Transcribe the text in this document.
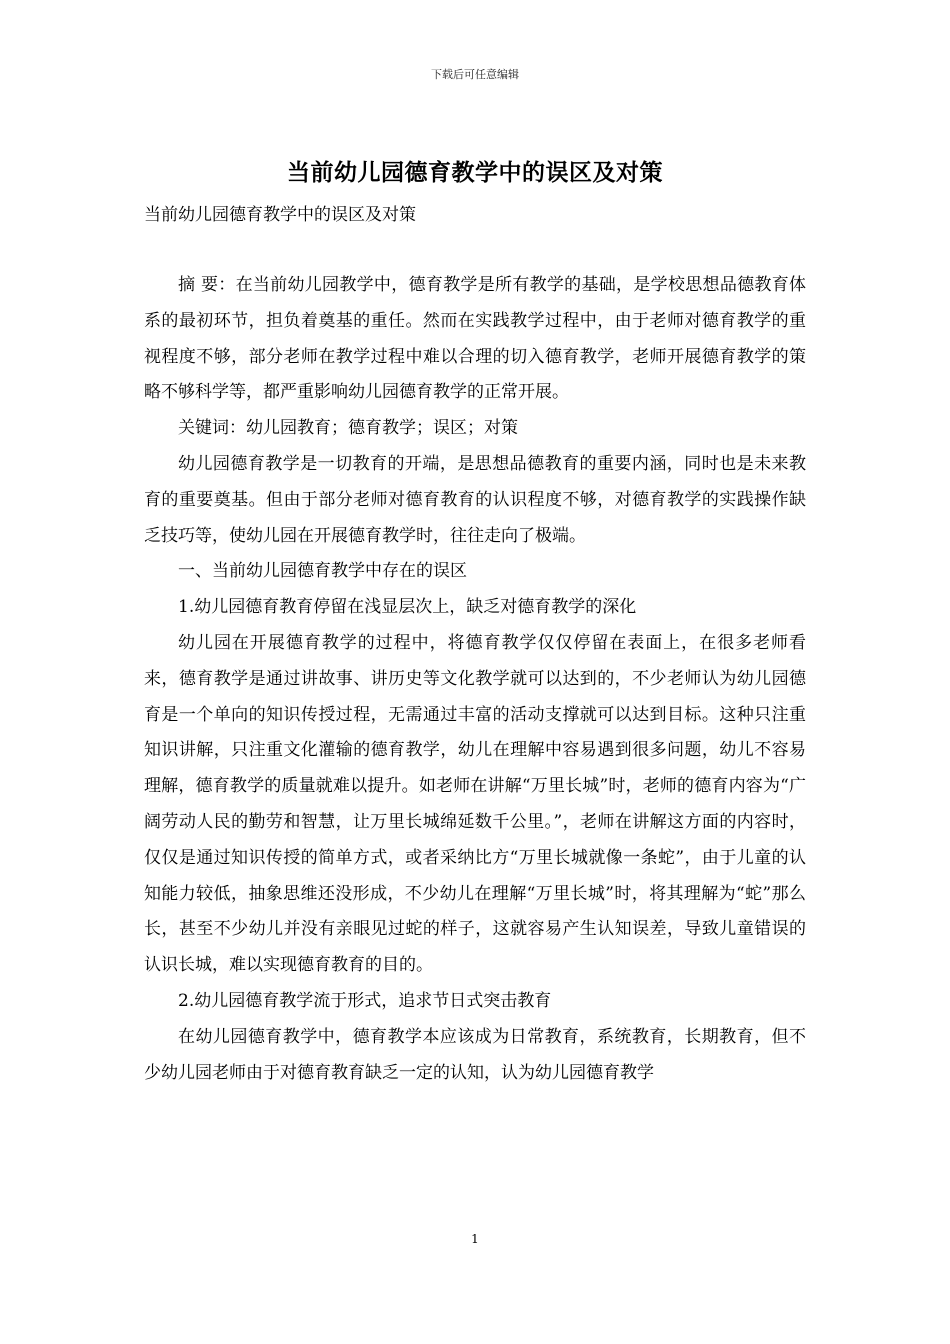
下载后可任意编辑
当前幼儿园德育教学中的误区及对策
当前幼儿园德育教学中的误区及对策

摘 要：在当前幼儿园教学中，德育教学是所有教学的基础，是学校思想品德教育体系的最初环节，担负着奠基的重任。然而在实践教学过程中，由于老师对德育教学的重视程度不够，部分老师在教学过程中难以合理的切入德育教学，老师开展德育教学的策略不够科学等，都严重影响幼儿园德育教学的正常开展。

关键词：幼儿园教育；德育教学；误区；对策

幼儿园德育教学是一切教育的开端，是思想品德教育的重要内涵，同时也是未来教育的重要奠基。但由于部分老师对德育教育的认识程度不够，对德育教学的实践操作缺乏技巧等，使幼儿园在开展德育教学时，往往走向了极端。

一、当前幼儿园德育教学中存在的误区

1.幼儿园德育教育停留在浅显层次上，缺乏对德育教学的深化

幼儿园在开展德育教学的过程中，将德育教学仅仅停留在表面上，在很多老师看来，德育教学是通过讲故事、讲历史等文化教学就可以达到的，不少老师认为幼儿园德育是一个单向的知识传授过程，无需通过丰富的活动支撑就可以达到目标。这种只注重知识讲解，只注重文化灌输的德育教学，幼儿在理解中容易遇到很多问题，幼儿不容易理解，德育教学的质量就难以提升。如老师在讲解“万里长城”时，老师的德育内容为“广阔劳动人民的勤劳和智慧，让万里长城绵延数千公里。”，老师在讲解这方面的内容时，仅仅是通过知识传授的简单方式，或者采纳比方“万里长城就像一条蛇”，由于儿童的认知能力较低，抽象思维还没形成，不少幼儿在理解“万里长城”时，将其理解为“蛇”那么长，甚至不少幼儿并没有亲眼见过蛇的样子，这就容易产生认知误差，导致儿童错误的认识长城，难以实现德育教育的目的。

2.幼儿园德育教学流于形式，追求节日式突击教育

在幼儿园德育教学中，德育教学本应该成为日常教育，系统教育，长期教育，但不少幼儿园老师由于对德育教育缺乏一定的认知，认为幼儿园德育教学

1
